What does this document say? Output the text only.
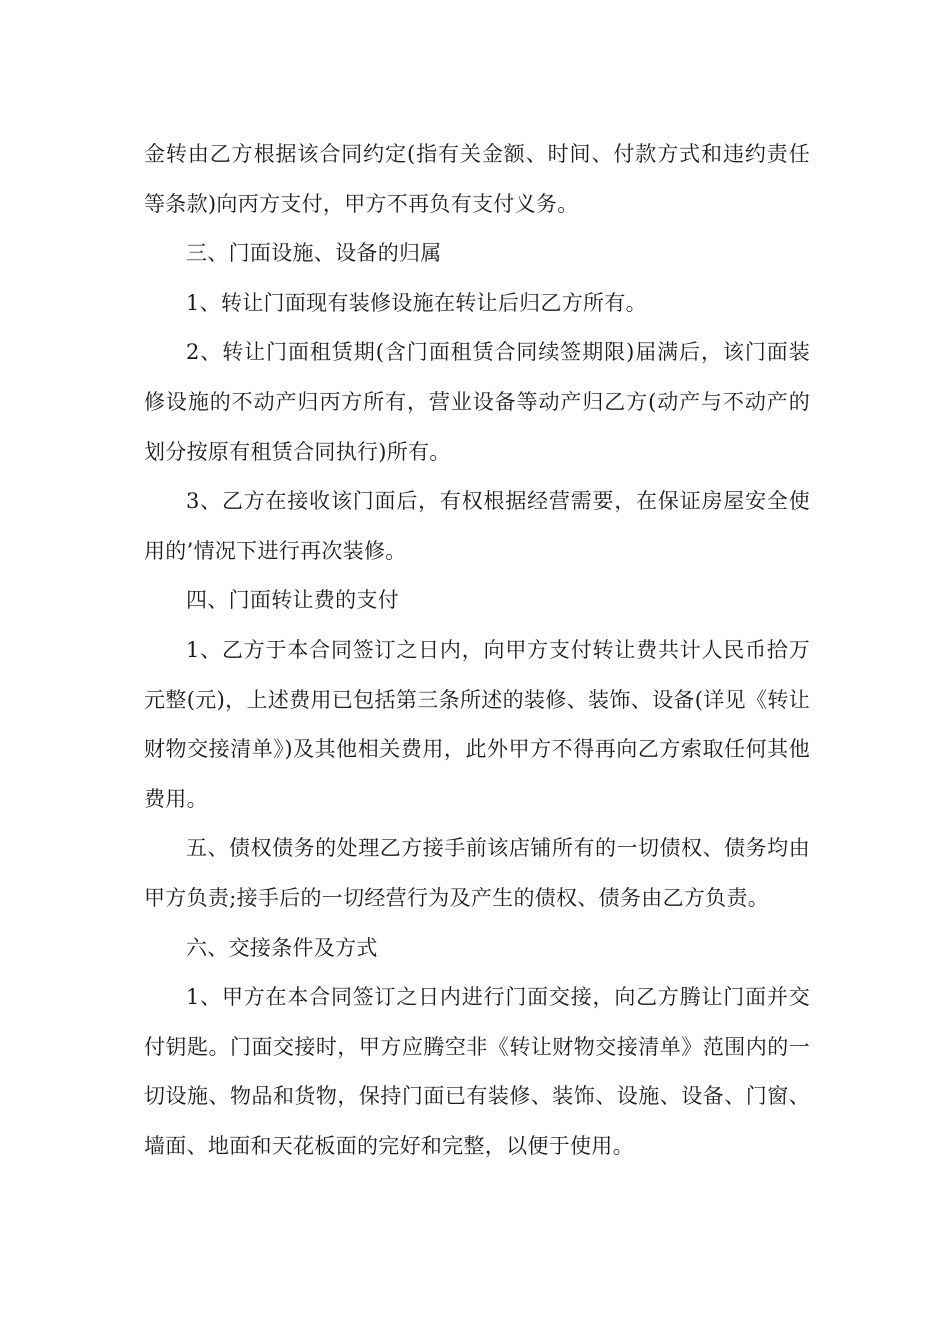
金转由乙方根据该合同约定(指有关金额、时间、付款方式和违约责任等条款)向丙方支付，甲方不再负有支付义务。

三、门面设施、设备的归属

1、转让门面现有装修设施在转让后归乙方所有。

2、转让门面租赁期(含门面租赁合同续签期限)届满后，该门面装修设施的不动产归丙方所有，营业设备等动产归乙方(动产与不动产的划分按原有租赁合同执行)所有。

3、乙方在接收该门面后，有权根据经营需要，在保证房屋安全使用的’情况下进行再次装修。

四、门面转让费的支付

1、乙方于本合同签订之日内，向甲方支付转让费共计人民币拾万元整(元)，上述费用已包括第三条所述的装修、装饰、设备(详见《转让财物交接清单》)及其他相关费用，此外甲方不得再向乙方索取任何其他费用。

五、债权债务的处理乙方接手前该店铺所有的一切债权、债务均由甲方负责;接手后的一切经营行为及产生的债权、债务由乙方负责。

六、交接条件及方式

1、甲方在本合同签订之日内进行门面交接，向乙方腾让门面并交付钥匙。门面交接时，甲方应腾空非《转让财物交接清单》范围内的一切设施、物品和货物，保持门面已有装修、装饰、设施、设备、门窗、墙面、地面和天花板面的完好和完整，以便于使用。
